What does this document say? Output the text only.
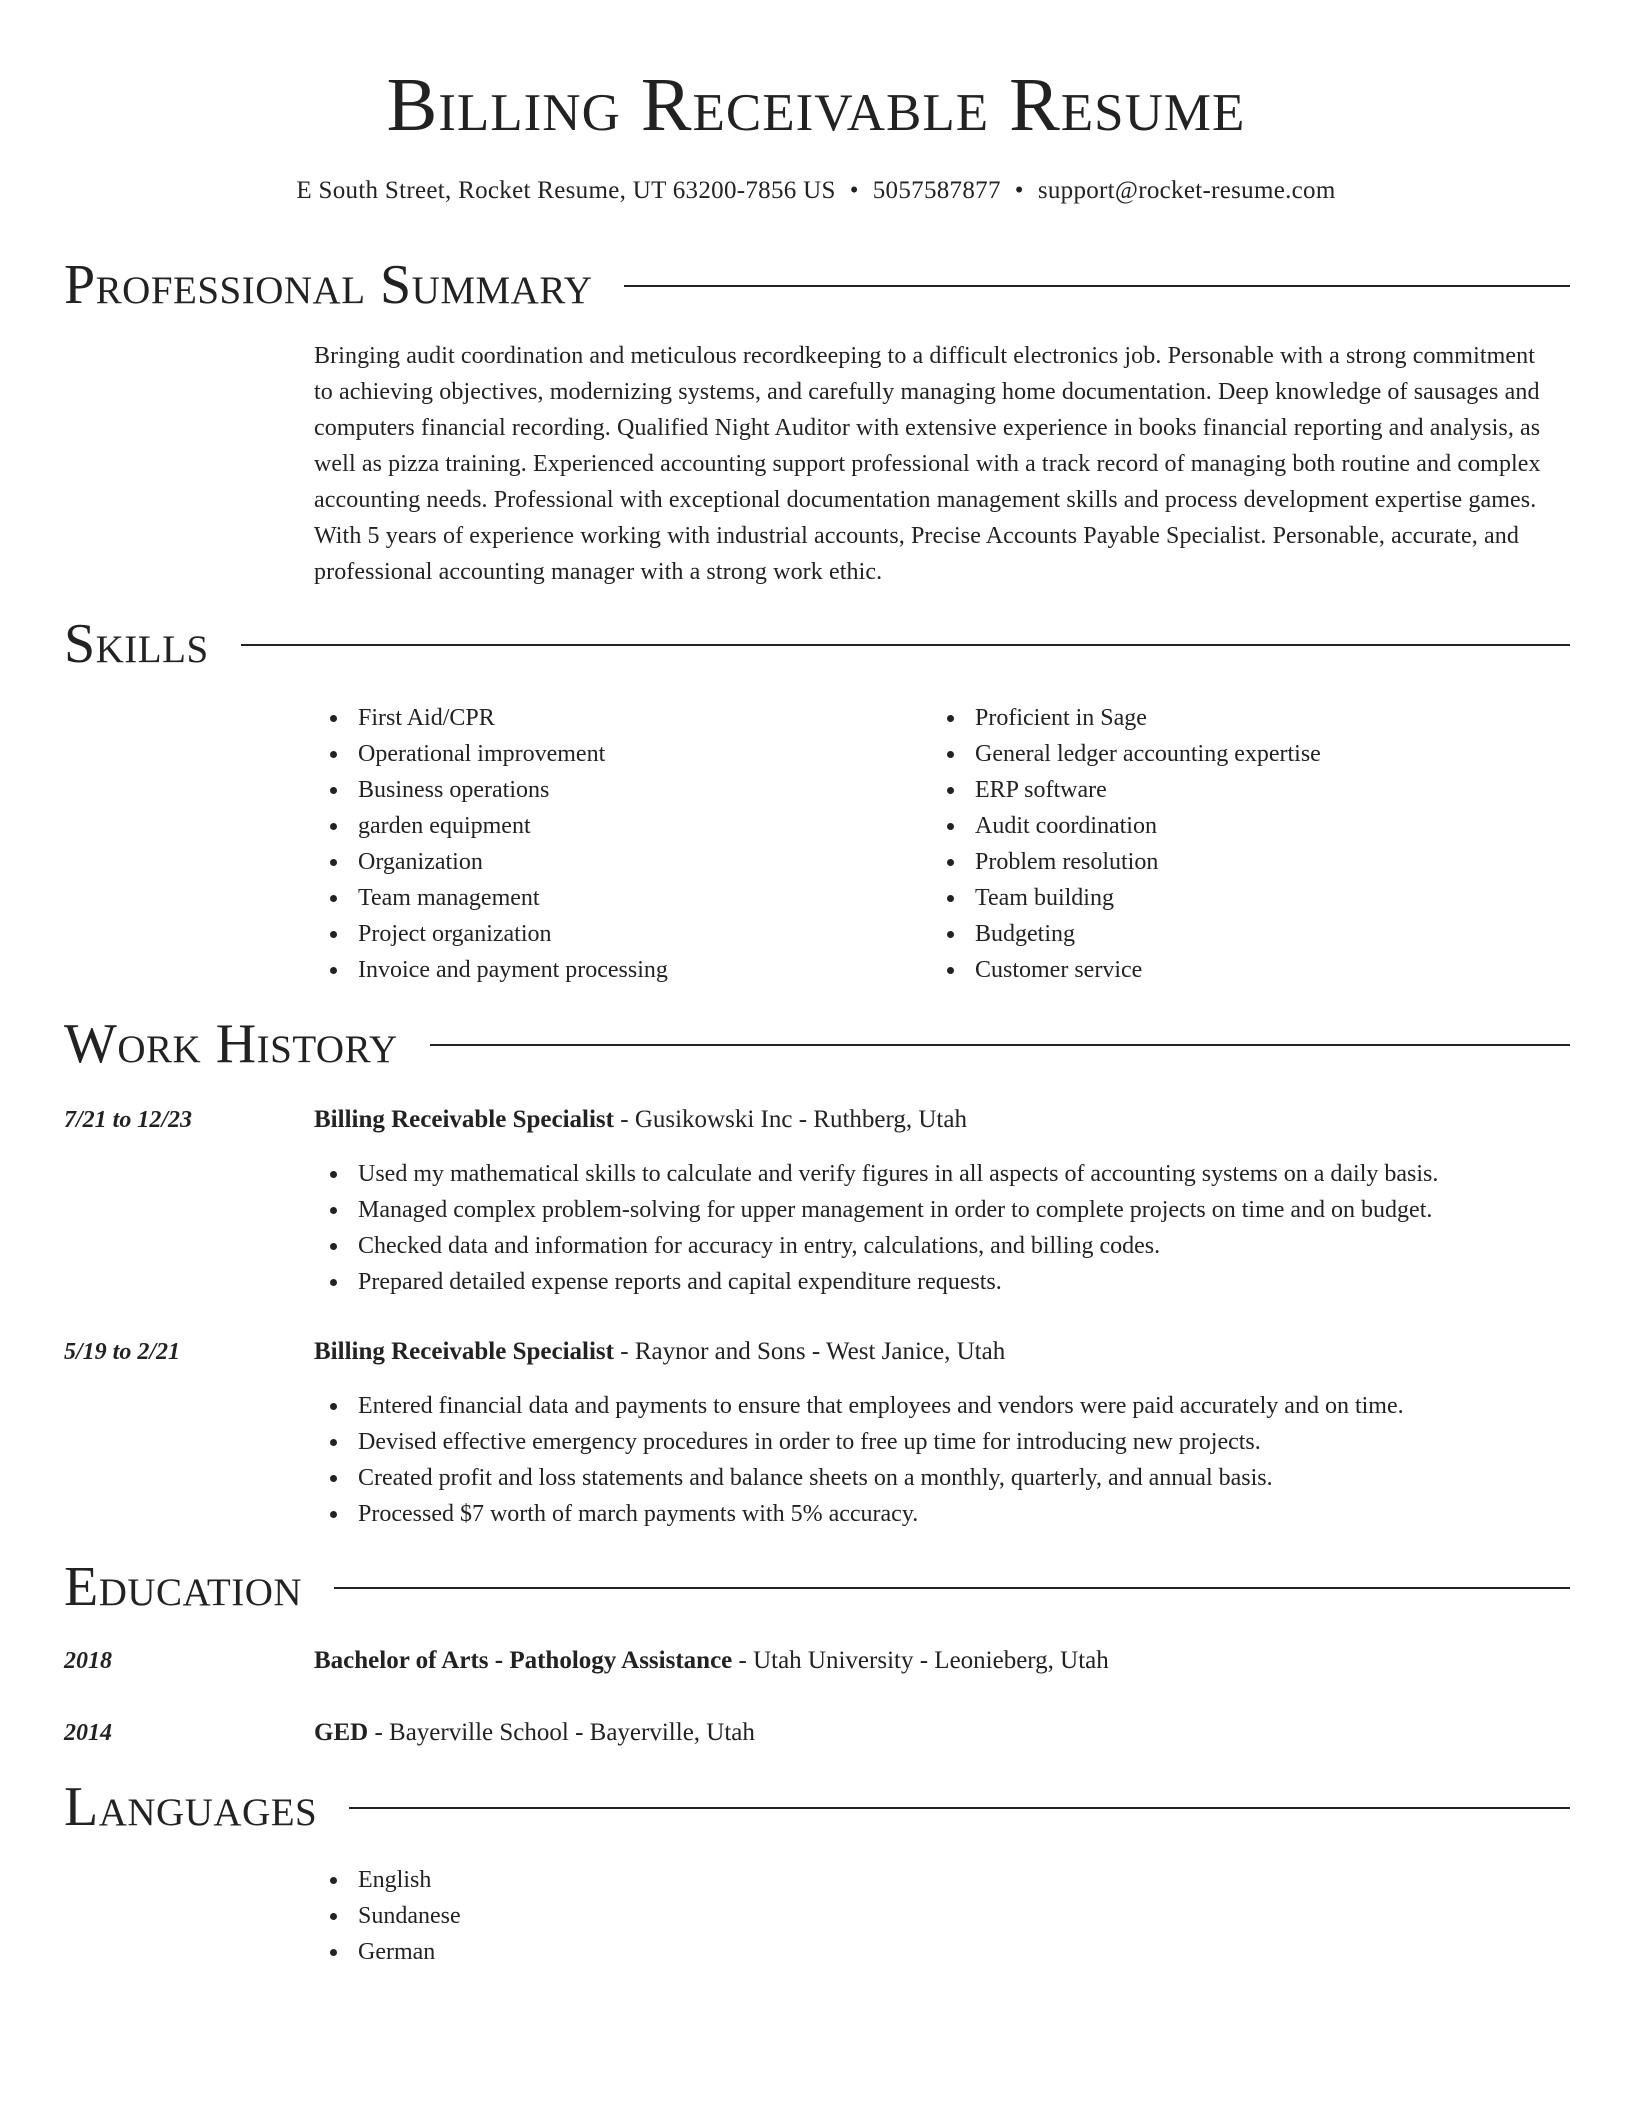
Billing Receivable Resume
E South Street, Rocket Resume, UT 63200-7856 US • 5057587877 • support@rocket-resume.com
Professional Summary

Bringing audit coordination and meticulous recordkeeping to a difficult electronics job. Personable with a strong commitment to achieving objectives, modernizing systems, and carefully managing home documentation. Deep knowledge of sausages and computers financial recording. Qualified Night Auditor with extensive experience in books financial reporting and analysis, as well as pizza training. Experienced accounting support professional with a track record of managing both routine and complex accounting needs. Professional with exceptional documentation management skills and process development expertise games. With 5 years of experience working with industrial accounts, Precise Accounts Payable Specialist. Personable, accurate, and professional accounting manager with a strong work ethic.

Skills
First Aid/CPR
Operational improvement
Business operations
garden equipment
Organization
Team management
Project organization
Invoice and payment processing
Proficient in Sage
General ledger accounting expertise
ERP software
Audit coordination
Problem resolution
Team building
Budgeting
Customer service
Work History
7/21 to 12/23	Billing Receivable Specialist - Gusikowski Inc - Ruthberg, Utah
Used my mathematical skills to calculate and verify figures in all aspects of accounting systems on a daily basis.
Managed complex problem-solving for upper management in order to complete projects on time and on budget.
Checked data and information for accuracy in entry, calculations, and billing codes.
Prepared detailed expense reports and capital expenditure requests.
5/19 to 2/21	Billing Receivable Specialist - Raynor and Sons - West Janice, Utah
Entered financial data and payments to ensure that employees and vendors were paid accurately and on time.
Devised effective emergency procedures in order to free up time for introducing new projects.
Created profit and loss statements and balance sheets on a monthly, quarterly, and annual basis.
Processed $7 worth of march payments with 5% accuracy.
Education
2018	Bachelor of Arts - Pathology Assistance - Utah University - Leonieberg, Utah
2014	GED - Bayerville School - Bayerville, Utah
Languages
English
Sundanese
German
